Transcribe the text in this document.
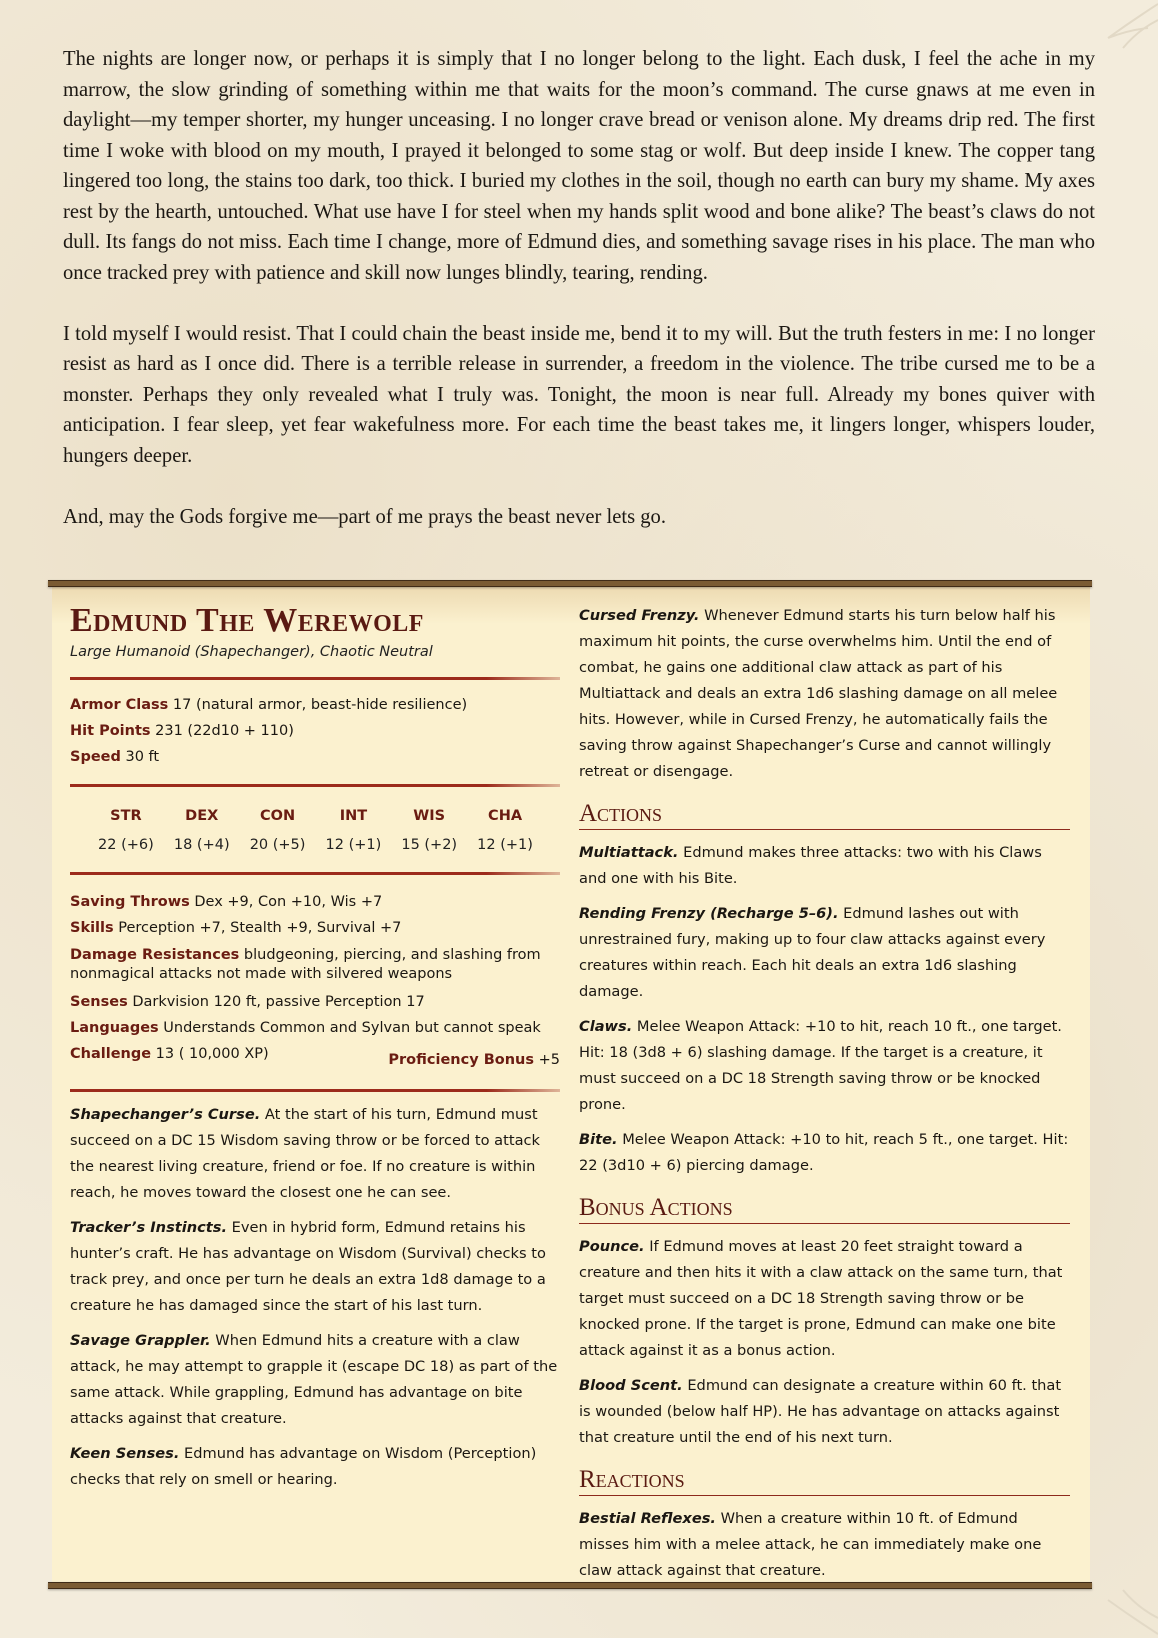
The nights are longer now, or perhaps it is simply that I no longer belong to the light. Each dusk, I feel the ache in my marrow, the slow grinding of something within me that waits for the moon’s command. The curse gnaws at me even in daylight—my temper shorter, my hunger unceasing. I no longer crave bread or venison alone. My dreams drip red. The first time I woke with blood on my mouth, I prayed it belonged to some stag or wolf. But deep inside I knew. The copper tang lingered too long, the stains too dark, too thick. I buried my clothes in the soil, though no earth can bury my shame. My axes rest by the hearth, untouched. What use have I for steel when my hands split wood and bone alike? The beast’s claws do not dull. Its fangs do not miss. Each time I change, more of Edmund dies, and something savage rises in his place. The man who once tracked prey with patience and skill now lunges blindly, tearing, rending.

I told myself I would resist. That I could chain the beast inside me, bend it to my will. But the truth festers in me: I no longer resist as hard as I once did. There is a terrible release in surrender, a freedom in the violence. The tribe cursed me to be a monster. Perhaps they only revealed what I truly was. Tonight, the moon is near full. Already my bones quiver with anticipation. I fear sleep, yet fear wakefulness more. For each time the beast takes me, it lingers longer, whispers louder, hungers deeper.

And, may the Gods forgive me—part of me prays the beast never lets go.

Edmund The Werewolf
Large Humanoid (Shapechanger), Chaotic Neutral
Armor Class 17 (natural armor, beast-hide resilience)
Hit Points 231 (22d10 + 110)
Speed 30 ft
STR
22 (+6)
DEX
18 (+4)
CON
20 (+5)
INT
12 (+1)
WIS
15 (+2)
CHA
12 (+1)
Saving Throws Dex +9, Con +10, Wis +7
Skills Perception +7, Stealth +9, Survival +7
Damage Resistances bludgeoning, piercing, and slashing from nonmagical attacks not made with silvered weapons
Senses Darkvision 120 ft, passive Perception 17
Languages Understands Common and Sylvan but cannot speak
Challenge 13 ( 10,000 XP)	Proficiency Bonus +5

Shapechanger’s Curse. At the start of his turn, Edmund must succeed on a DC 15 Wisdom saving throw or be forced to attack the nearest living creature, friend or foe. If no creature is within reach, he moves toward the closest one he can see.

Tracker’s Instincts. Even in hybrid form, Edmund retains his hunter’s craft. He has advantage on Wisdom (Survival) checks to track prey, and once per turn he deals an extra 1d8 damage to a creature he has damaged since the start of his last turn.

Savage Grappler. When Edmund hits a creature with a claw attack, he may attempt to grapple it (escape DC 18) as part of the same attack. While grappling, Edmund has advantage on bite attacks against that creature.

Keen Senses. Edmund has advantage on Wisdom (Perception) checks that rely on smell or hearing.

Cursed Frenzy. Whenever Edmund starts his turn below half his maximum hit points, the curse overwhelms him. Until the end of combat, he gains one additional claw attack as part of his Multiattack and deals an extra 1d6 slashing damage on all melee hits. However, while in Cursed Frenzy, he automatically fails the saving throw against Shapechanger’s Curse and cannot willingly retreat or disengage.

Actions

Multiattack. Edmund makes three attacks: two with his Claws and one with his Bite.

Rending Frenzy (Recharge 5–6). Edmund lashes out with unrestrained fury, making up to four claw attacks against every creatures within reach. Each hit deals an extra 1d6 slashing damage.

Claws. Melee Weapon Attack: +10 to hit, reach 10 ft., one target. Hit: 18 (3d8 + 6) slashing damage. If the target is a creature, it must succeed on a DC 18 Strength saving throw or be knocked prone.

Bite. Melee Weapon Attack: +10 to hit, reach 5 ft., one target. Hit: 22 (3d10 + 6) piercing damage.

Bonus Actions

Pounce. If Edmund moves at least 20 feet straight toward a creature and then hits it with a claw attack on the same turn, that target must succeed on a DC 18 Strength saving throw or be knocked prone. If the target is prone, Edmund can make one bite attack against it as a bonus action.

Blood Scent. Edmund can designate a creature within 60 ft. that is wounded (below half HP). He has advantage on attacks against that creature until the end of his next turn.

Reactions

Bestial Reflexes. When a creature within 10 ft. of Edmund misses him with a melee attack, he can immediately make one claw attack against that creature.
